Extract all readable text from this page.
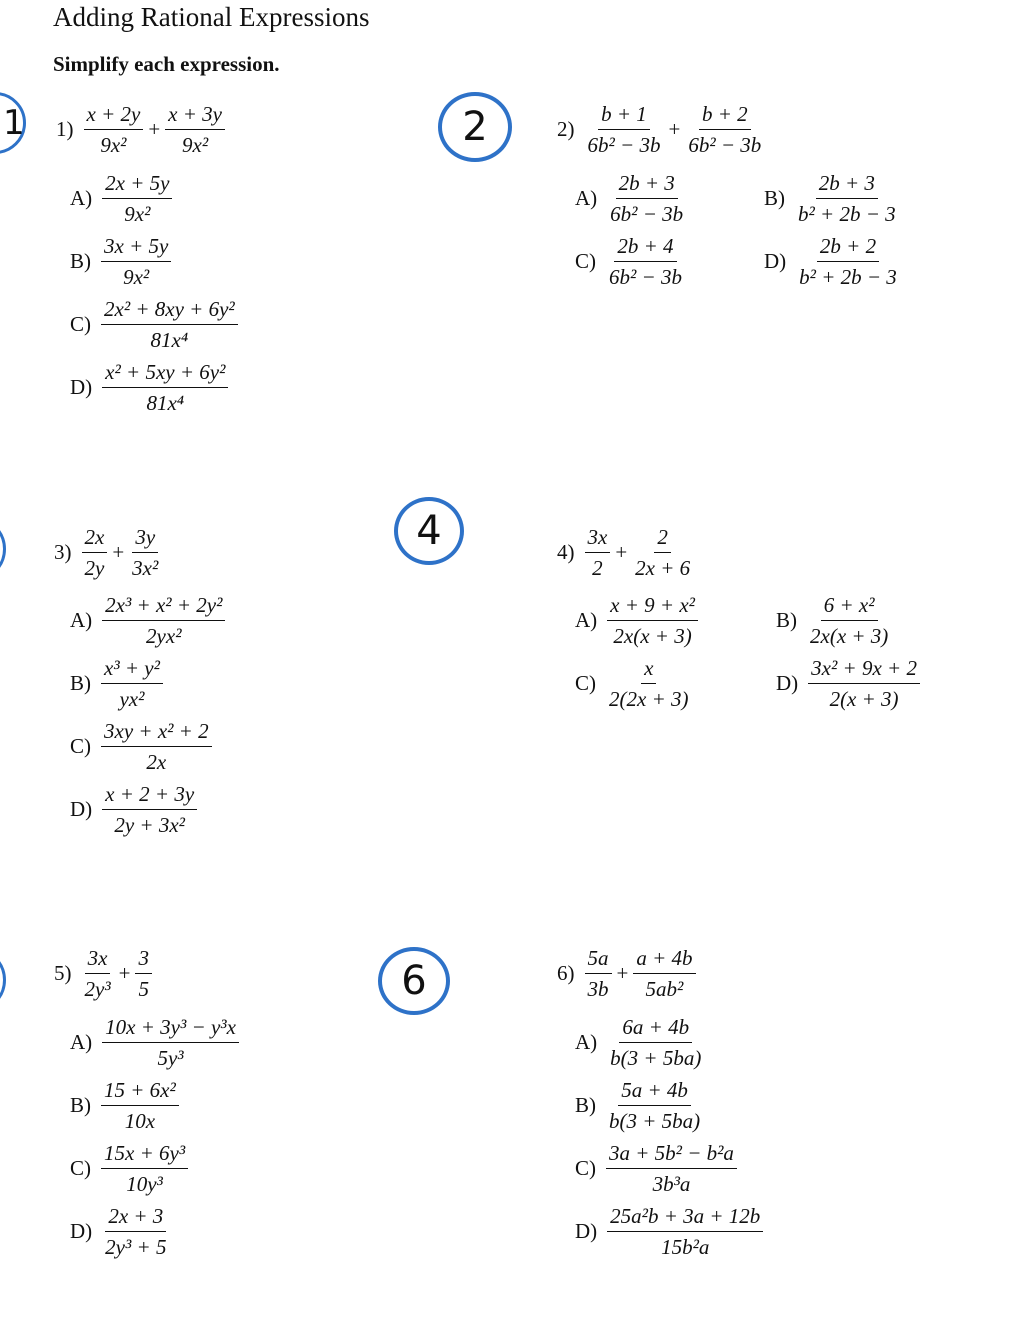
Adding Rational Expressions
Simplify each expression.
1	2
4
6
$1) \frac{x + 2y}{\text{9x²}} + \frac{x + 3y}{\text{9x²}}$
$A) \frac{2x + 5y}{\text{9x²}}$
$B) \frac{3x + 5y}{\text{9x²}}$
$C) \frac{\text{2x² + 8xy + 6y²}}{\text{81x⁴}}$
$D) \frac{\text{x² + 5xy + 6y²}}{\text{81x⁴}}$
$2) \frac{b + 1}{\text{6b² − 3b}} + \frac{b + 2}{\text{6b² − 3b}}$
$A) \frac{2b + 3}{\text{6b² − 3b}}$	$B) \frac{2b + 3}{\text{b² + 2b − 3}}$
$C) \frac{2b + 4}{\text{6b² − 3b}}$	$D) \frac{2b + 2}{\text{b² + 2b − 3}}$
$3) \frac{2x}{2y} + \frac{3y}{\text{3x²}}$
$A) \frac{\text{2x³ + x² + 2y²}}{\text{2yx²}}$
$B) \frac{\text{x³ + y²}}{\text{yx²}}$
$C) \frac{\text{3xy + x² + 2}}{2x}$
$D) \frac{x + 2 + 3y}{\text{2y + 3x²}}$
$4) \frac{3x}{2} + \frac{2}{2x + 6}$
$A) \frac{\text{x + 9 + x²}}{2x(x + 3)}$	$B) \frac{\text{6 + x²}}{2x(x + 3)}$
$C) \frac{x}{2(2x + 3)}$	$D) \frac{\text{3x² + 9x + 2}}{2(x + 3)}$
$5) \frac{3x}{\text{2y³}} + \frac{3}{5}$
$A) \frac{\text{10x + 3y³ − y³x}}{\text{5y³}}$
$B) \frac{\text{15 + 6x²}}{10x}$
$C) \frac{\text{15x + 6y³}}{\text{10y³}}$
$D) \frac{2x + 3}{\text{2y³ + 5}}$
$6) \frac{5a}{3b} + \frac{a + 4b}{\text{5ab²}}$
$A) \frac{6a + 4b}{b(3 + 5ba)}$
$B) \frac{5a + 4b}{b(3 + 5ba)}$
$C) \frac{\text{3a + 5b² − b²a}}{\text{3b³a}}$
$D) \frac{\text{25a²b + 3a + 12b}}{\text{15b²a}}$
